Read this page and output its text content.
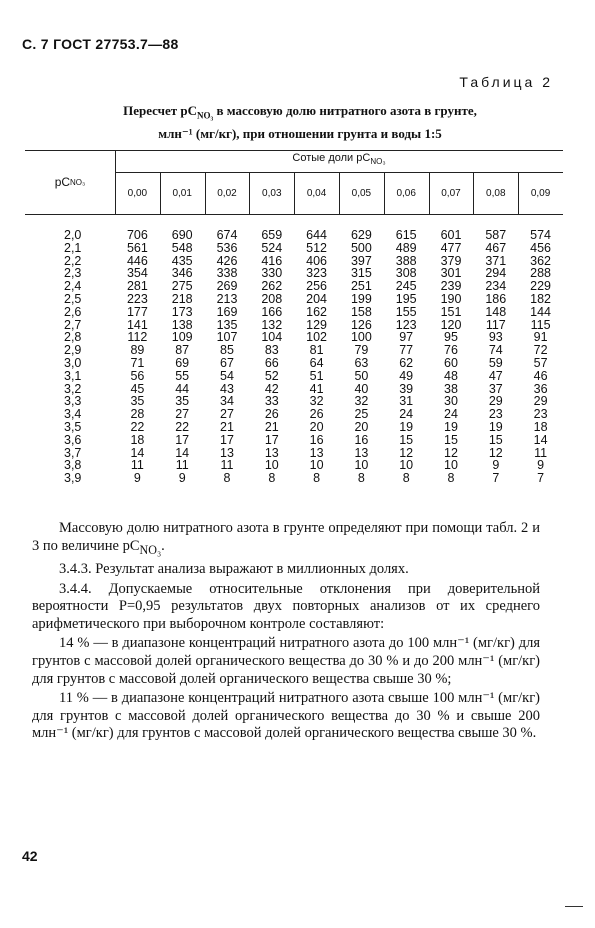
С. 7 ГОСТ 27753.7—88
Таблица 2
Пересчет $pC_{NO_3}$ в массовую долю нитратного азота в грунте,
млн⁻¹ (мг/кг), при отношении грунта и воды 1:5
pC NO₃
Сотые доли $pC_{NO_3}$
0,00	0,01	0,02	0,03	0,04	0,05	0,06	0,07	0,08	0,09
2,0	706	690	674	659	644	629	615	601	587	574
2,1	561	548	536	524	512	500	489	477	467	456
2,2	446	435	426	416	406	397	388	379	371	362
2,3	354	346	338	330	323	315	308	301	294	288
2,4	281	275	269	262	256	251	245	239	234	229
2,5	223	218	213	208	204	199	195	190	186	182
2,6	177	173	169	166	162	158	155	151	148	144
2,7	141	138	135	132	129	126	123	120	117	115
2,8	112	109	107	104	102	100	97	95	93	91
2,9	89	87	85	83	81	79	77	76	74	72
3,0	71	69	67	66	64	63	62	60	59	57
3,1	56	55	54	52	51	50	49	48	47	46
3,2	45	44	43	42	41	40	39	38	37	36
3,3	35	35	34	33	32	32	31	30	29	29
3,4	28	27	27	26	26	25	24	24	23	23
3,5	22	22	21	21	20	20	19	19	19	18
3,6	18	17	17	17	16	16	15	15	15	14
3,7	14	14	13	13	13	13	12	12	12	11
3,8	11	11	11	10	10	10	10	10	9	9
3,9	9	9	8	8	8	8	8	8	7	7

Массовую долю нитратного азота в грунте определяют при помощи табл. 2 и 3 по величине $pC_{NO_3}$.

3.4.3. Результат анализа выражают в миллионных долях.

3.4.4. Допускаемые относительные отклонения при доверительной вероятности P=0,95 результатов двух повторных анализов от их среднего арифметического при выборочном контроле составляют:

14 % — в диапазоне концентраций нитратного азота до 100 млн⁻¹ (мг/кг) для грунтов с массовой долей органического вещества до 30 % и до 200 млн⁻¹ (мг/кг) для грунтов с массовой долей органического вещества свыше 30 %;

11 % — в диапазоне концентраций нитратного азота свыше 100 млн⁻¹ (мг/кг) для грунтов с массовой долей органического вещества до 30 % и свыше 200 млн⁻¹ (мг/кг) для грунтов с массовой долей органического вещества свыше 30 %.

42
